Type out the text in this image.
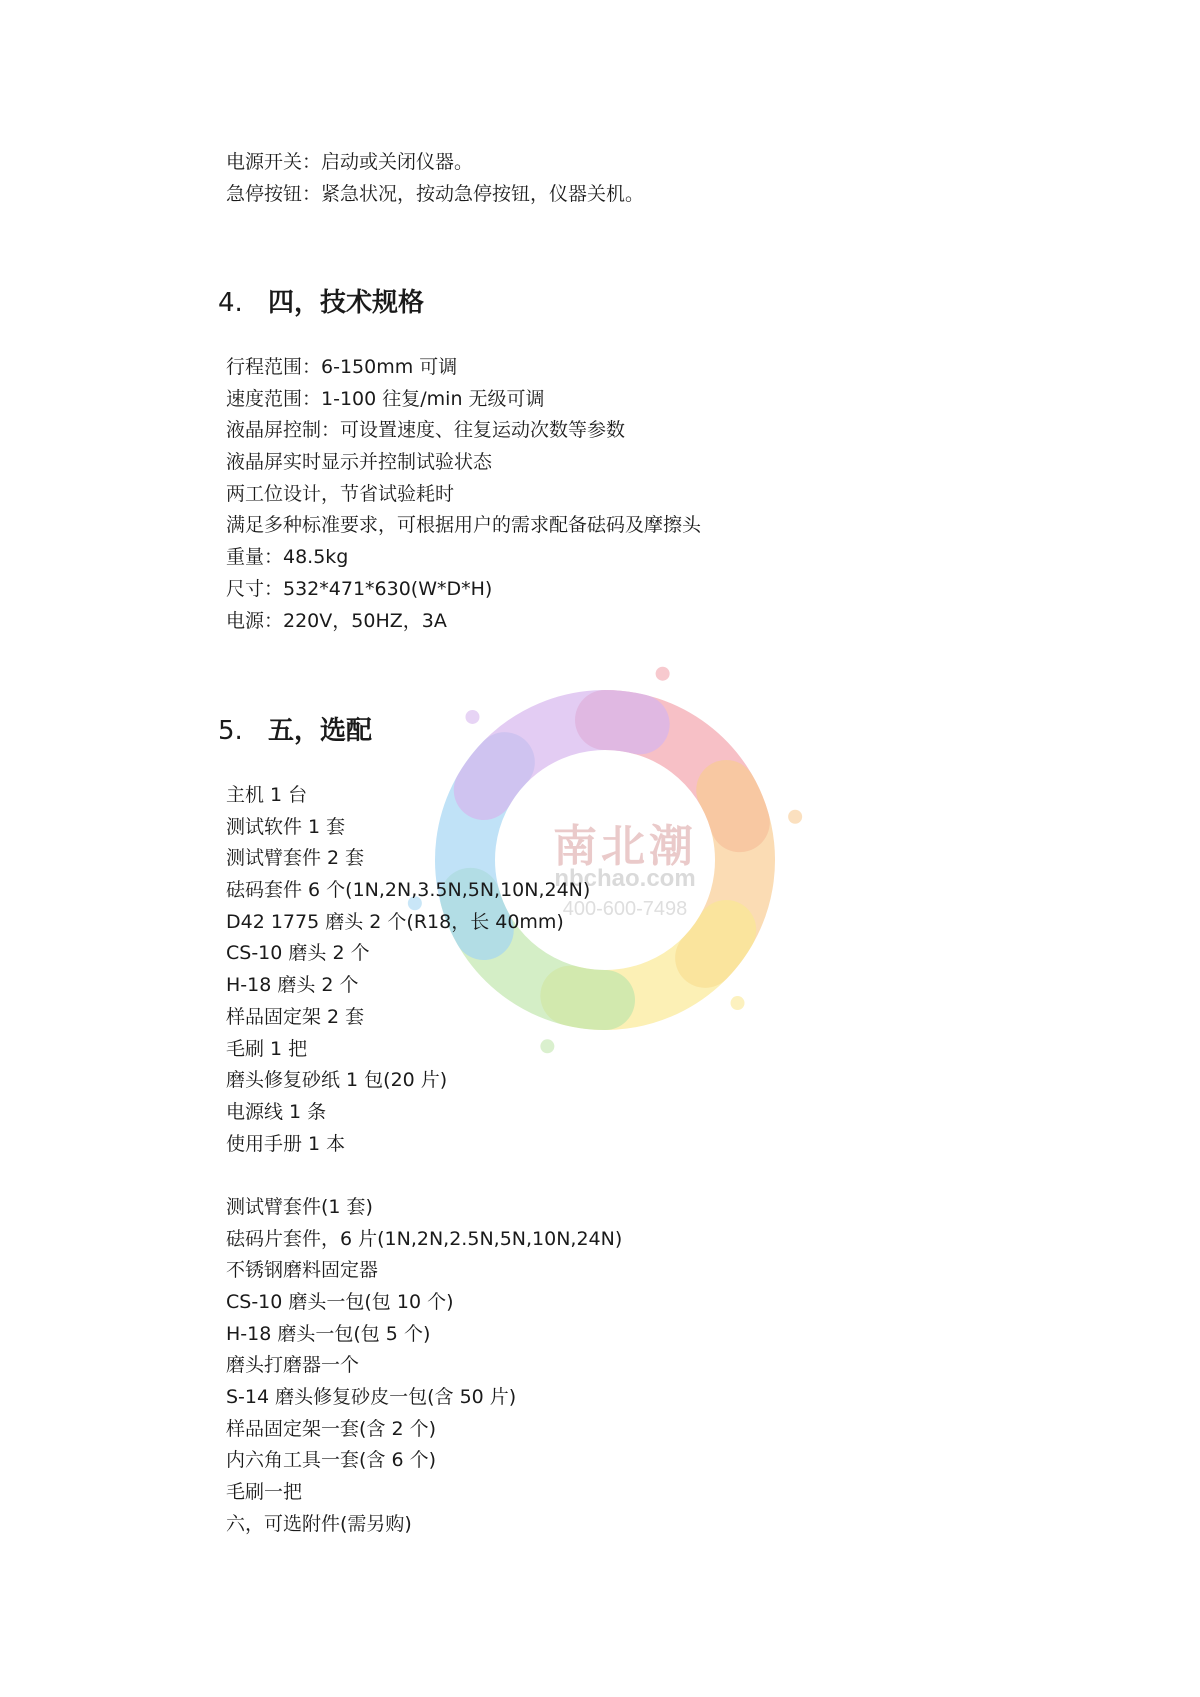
南北潮
nbchao.com
400-600-7498
电源开关：启动或关闭仪器。
急停按钮：紧急状况，按动急停按钮，仪器关机。
4. 四，技术规格
行程范围：6-150mm 可调
速度范围：1-100 往复/min 无级可调
液晶屏控制：可设置速度、往复运动次数等参数
液晶屏实时显示并控制试验状态
两工位设计，节省试验耗时
满足多种标准要求，可根据用户的需求配备砝码及摩擦头
重量：48.5kg
尺寸：532*471*630(W*D*H)
电源：220V，50HZ，3A
5. 五，选配
主机 1 台
测试软件 1 套
测试臂套件 2 套
砝码套件 6 个(1N,2N,3.5N,5N,10N,24N)
D42 1775 磨头 2 个(R18，长 40mm)
CS-10 磨头 2 个
H-18 磨头 2 个
样品固定架 2 套
毛刷 1 把
磨头修复砂纸 1 包(20 片)
电源线 1 条
使用手册 1 本
测试臂套件(1 套)
砝码片套件，6 片(1N,2N,2.5N,5N,10N,24N)
不锈钢磨料固定器
CS-10 磨头一包(包 10 个)
H-18 磨头一包(包 5 个)
磨头打磨器一个
S-14 磨头修复砂皮一包(含 50 片)
样品固定架一套(含 2 个)
内六角工具一套(含 6 个)
毛刷一把
六，可选附件(需另购)
